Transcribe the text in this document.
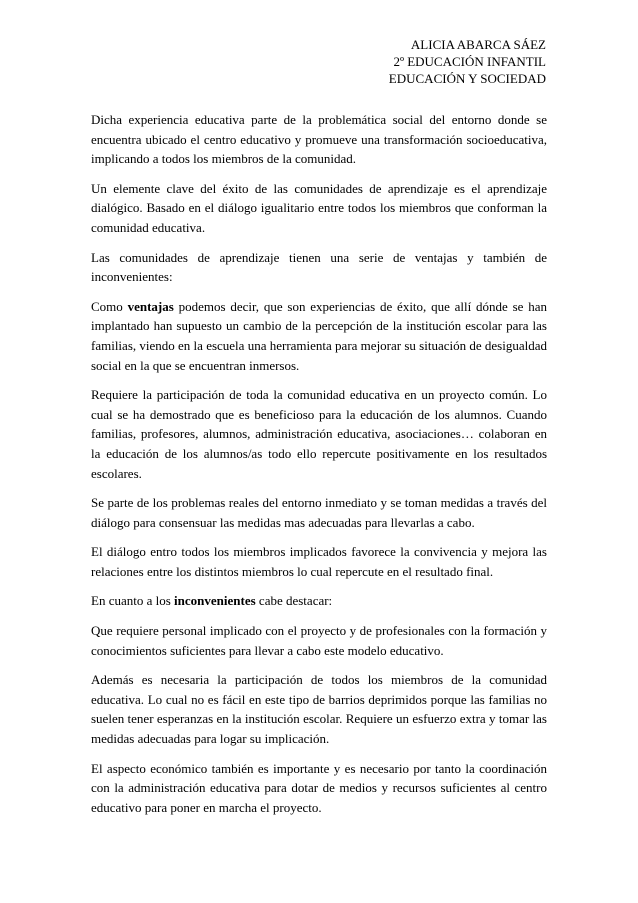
ALICIA ABARCA SÁEZ
2º EDUCACIÓN INFANTIL
EDUCACIÓN Y SOCIEDAD

Dicha experiencia educativa parte de la problemática social del entorno donde se encuentra ubicado el centro educativo y promueve una transformación socioeducativa, implicando a todos los miembros de la comunidad.

Un elemente clave del éxito de las comunidades de aprendizaje es el aprendizaje dialógico. Basado en el diálogo igualitario entre todos los miembros que conforman la comunidad educativa.

Las comunidades de aprendizaje tienen una serie de ventajas y también de inconvenientes:

Como ventajas podemos decir, que son experiencias de éxito, que allí dónde se han implantado han supuesto un cambio de la percepción de la institución escolar para las familias, viendo en la escuela una herramienta para mejorar su situación de desigualdad social en la que se encuentran inmersos.

Requiere la participación de toda la comunidad educativa en un proyecto común. Lo cual se ha demostrado que es beneficioso para la educación de los alumnos. Cuando familias, profesores, alumnos, administración educativa, asociaciones… colaboran en la educación de los alumnos/as todo ello repercute positivamente en los resultados escolares.

Se parte de los problemas reales del entorno inmediato y se toman medidas a través del diálogo para consensuar las medidas mas adecuadas para llevarlas a cabo.

El diálogo entro todos los miembros implicados favorece la convivencia y mejora las relaciones entre los distintos miembros lo cual repercute en el resultado final.

En cuanto a los inconvenientes cabe destacar:

Que requiere personal implicado con el proyecto y de profesionales con la formación y conocimientos suficientes para llevar a cabo este modelo educativo.

Además es necesaria la participación de todos los miembros de la comunidad educativa. Lo cual no es fácil en este tipo de barrios deprimidos porque las familias no suelen tener esperanzas en la institución escolar. Requiere un esfuerzo extra y tomar las medidas adecuadas para logar su implicación.

El aspecto económico también es importante y es necesario por tanto la coordinación con la administración educativa para dotar de medios y recursos suficientes al centro educativo para poner en marcha el proyecto.
